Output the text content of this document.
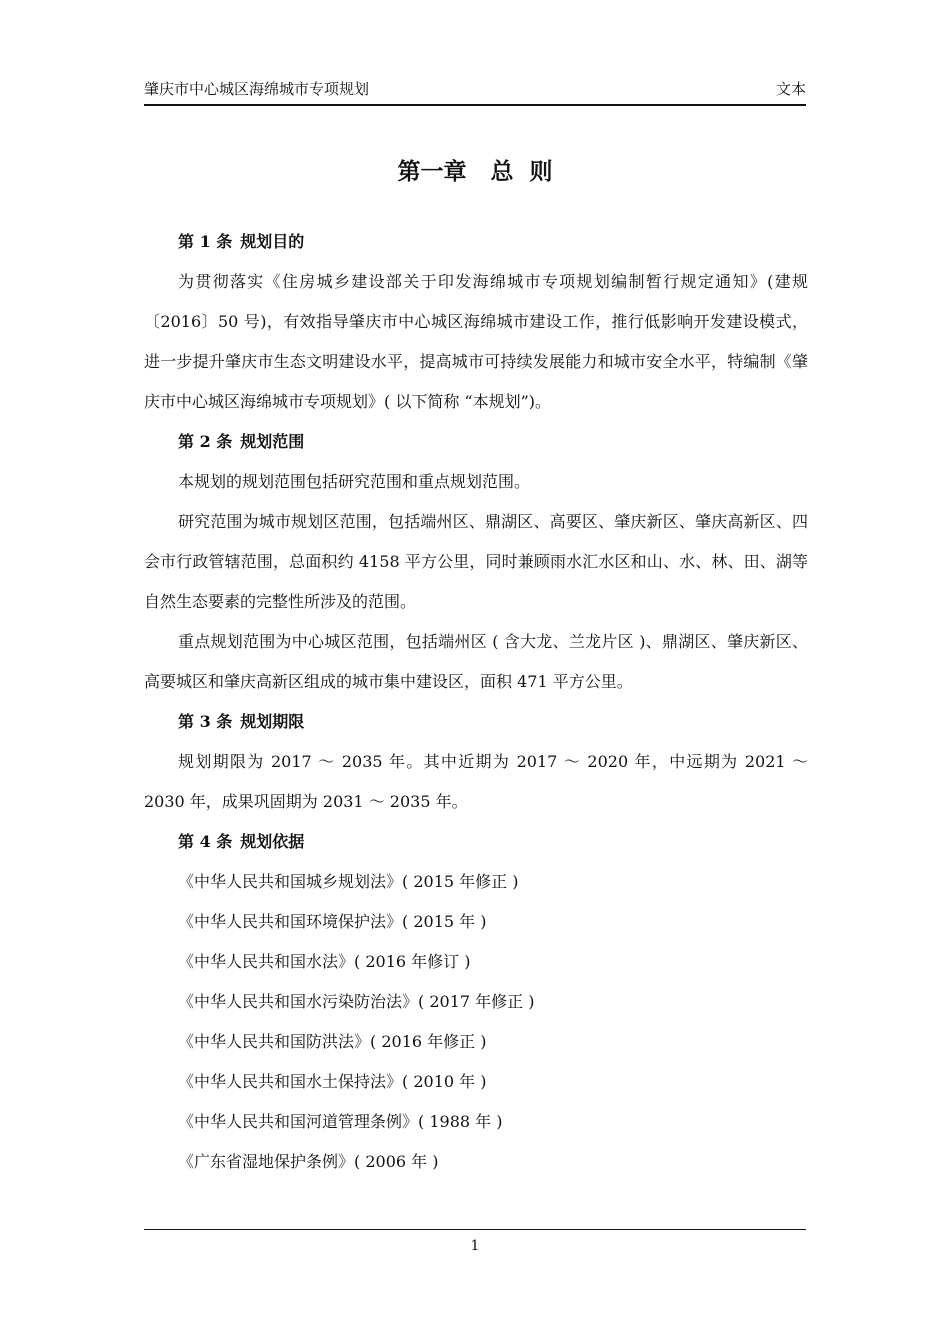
肇庆市中心城区海绵城市专项规划	文本
第一章   总  则
第 1 条 规划目的
为贯彻落实《住房城乡建设部关于印发海绵城市专项规划编制暂行规定通知》(建规〔2016〕50 号)，有效指导肇庆市中心城区海绵城市建设工作，推行低影响开发建设模式，进一步提升肇庆市生态文明建设水平，提高城市可持续发展能力和城市安全水平，特编制《肇庆市中心城区海绵城市专项规划》( 以下简称 “本规划”)。
第 2 条 规划范围
本规划的规划范围包括研究范围和重点规划范围。
研究范围为城市规划区范围，包括端州区、鼎湖区、高要区、肇庆新区、肇庆高新区、四会市行政管辖范围，总面积约 4158 平方公里，同时兼顾雨水汇水区和山、水、林、田、湖等自然生态要素的完整性所涉及的范围。
重点规划范围为中心城区范围，包括端州区 ( 含大龙、兰龙片区 )、鼎湖区、肇庆新区、高要城区和肇庆高新区组成的城市集中建设区，面积 471 平方公里。
第 3 条 规划期限
规划期限为 2017 ～ 2035 年。其中近期为 2017 ～ 2020 年，中远期为 2021 ～ 2030 年，成果巩固期为 2031 ～ 2035 年。
第 4 条 规划依据
《中华人民共和国城乡规划法》( 2015 年修正 )
《中华人民共和国环境保护法》( 2015 年 )
《中华人民共和国水法》( 2016 年修订 )
《中华人民共和国水污染防治法》( 2017 年修正 )
《中华人民共和国防洪法》( 2016 年修正 )
《中华人民共和国水土保持法》( 2010 年 )
《中华人民共和国河道管理条例》( 1988 年 )
《广东省湿地保护条例》( 2006 年 )
1
